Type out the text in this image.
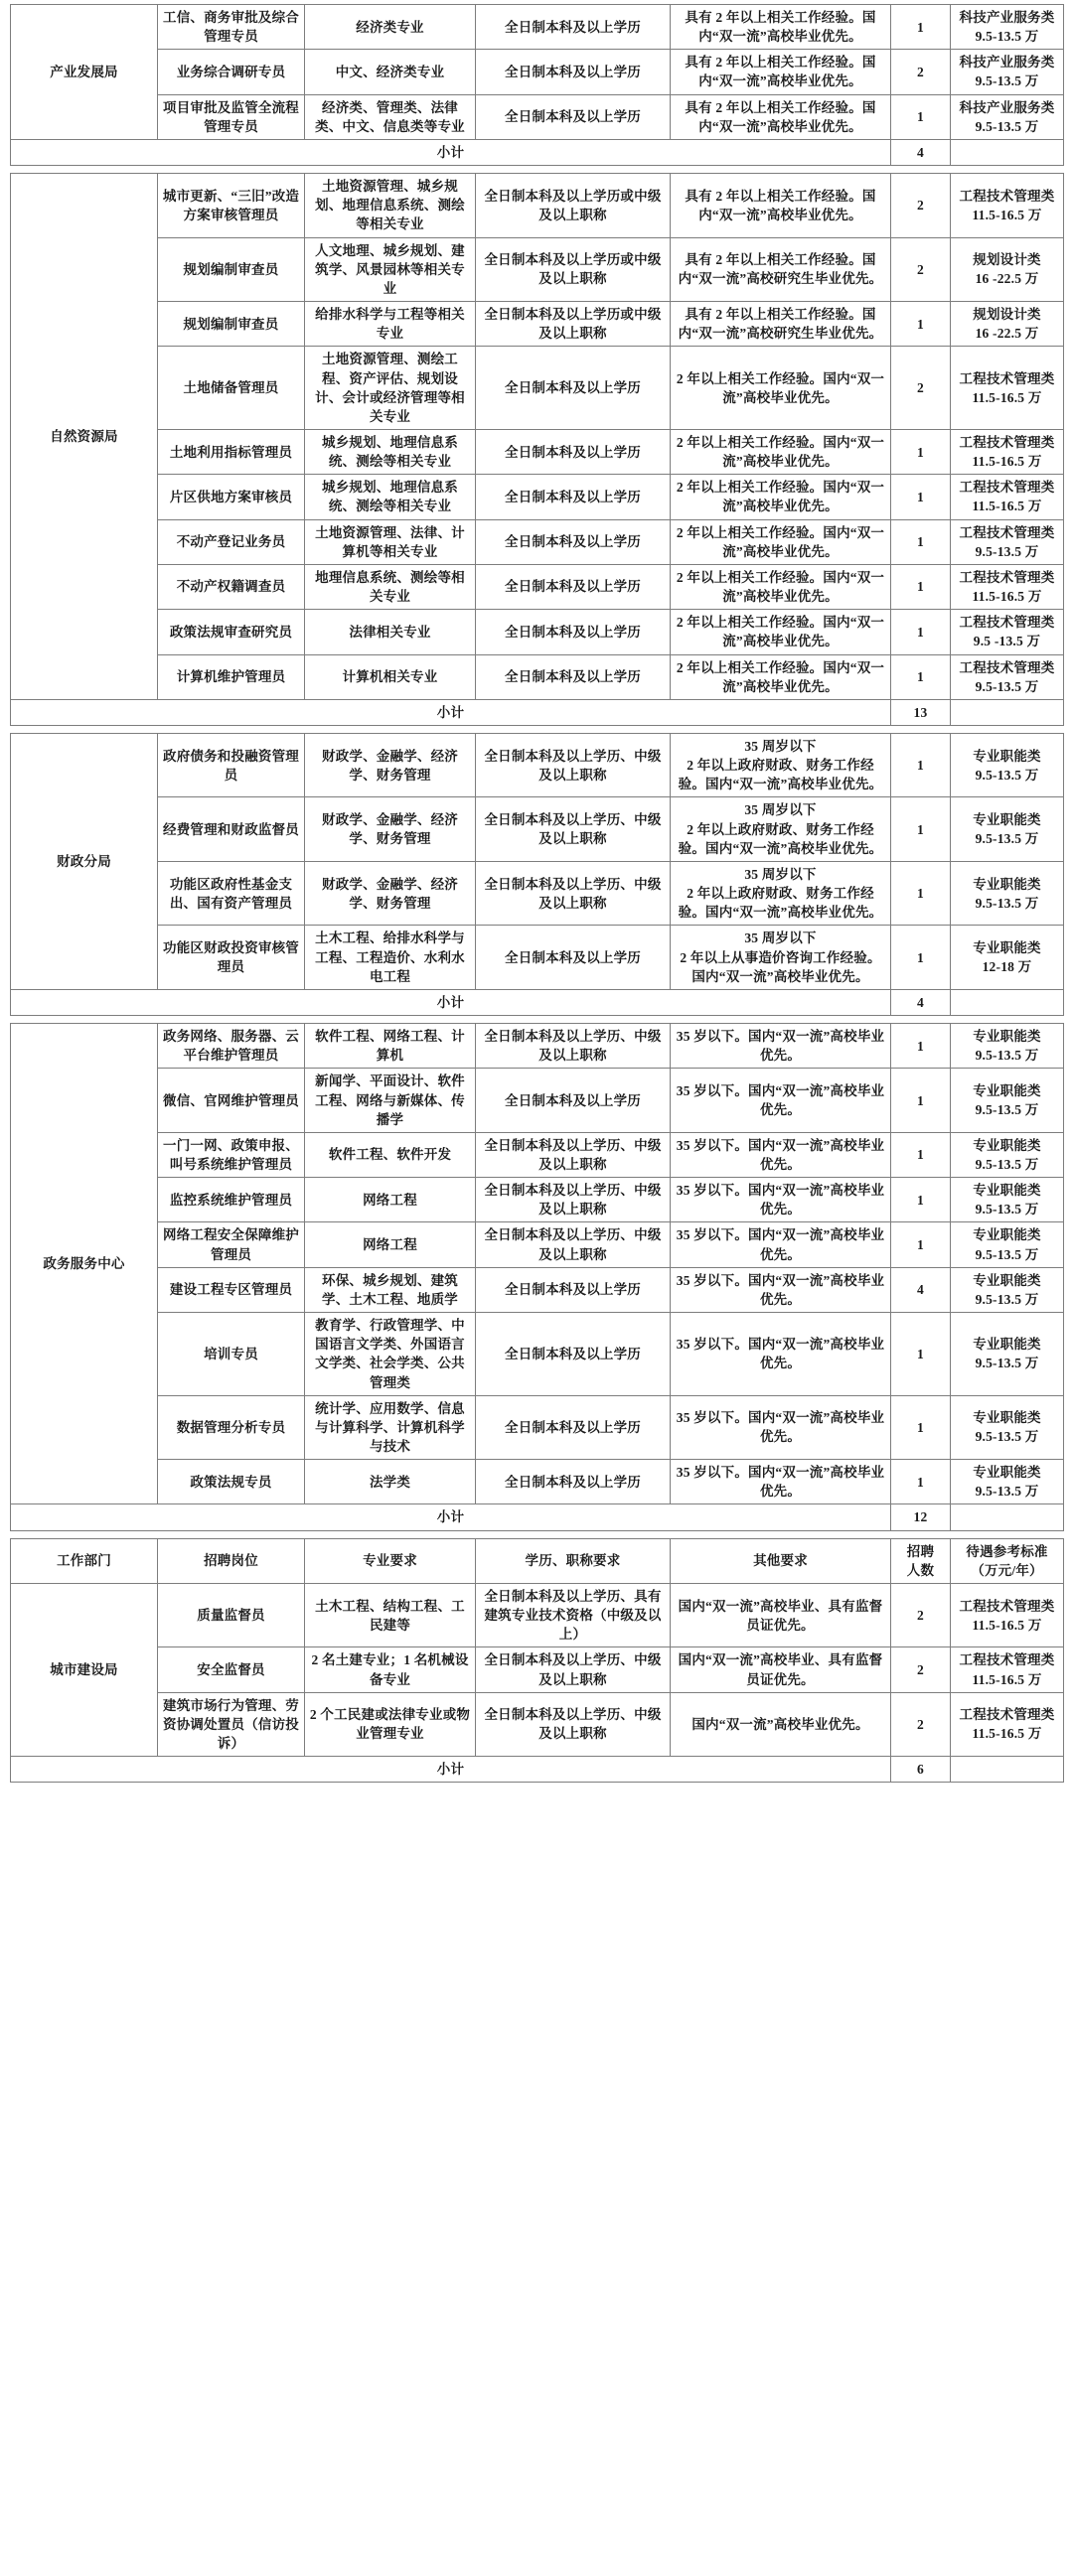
产业发展局	工信、商务审批及综合管理专员	经济类专业	全日制本科及以上学历	具有 2 年以上相关工作经验。国内“双一流”高校毕业优先。	1	科技产业服务类
9.5-13.5 万

	业务综合调研专员	中文、经济类专业	全日制本科及以上学历	具有 2 年以上相关工作经验。国内“双一流”高校毕业优先。	2	科技产业服务类
9.5-13.5 万

	项目审批及监管全流程管理专员	经济类、管理类、法律类、中文、信息类等专业	全日制本科及以上学历	具有 2 年以上相关工作经验。国内“双一流”高校毕业优先。	1	科技产业服务类
9.5-13.5 万

小计					4	
自然资源局	城市更新、“三旧”改造方案审核管理员	土地资源管理、城乡规划、地理信息系统、测绘等相关专业	全日制本科及以上学历或中级及以上职称	具有 2 年以上相关工作经验。国内“双一流”高校毕业优先。	2	工程技术管理类
11.5-16.5 万

	规划编制审查员	人文地理、城乡规划、建筑学、风景园林等相关专业	全日制本科及以上学历或中级及以上职称	具有 2 年以上相关工作经验。国内“双一流”高校研究生毕业优先。	2	规划设计类
16 -22.5 万

	规划编制审查员	给排水科学与工程等相关专业	全日制本科及以上学历或中级及以上职称	具有 2 年以上相关工作经验。国内“双一流”高校研究生毕业优先。	1	规划设计类
16 -22.5 万

	土地储备管理员	土地资源管理、测绘工程、资产评估、规划设计、会计或经济管理等相关专业	全日制本科及以上学历	2 年以上相关工作经验。国内“双一流”高校毕业优先。	2	工程技术管理类
11.5-16.5 万

	土地利用指标管理员	城乡规划、地理信息系统、测绘等相关专业	全日制本科及以上学历	2 年以上相关工作经验。国内“双一流”高校毕业优先。	1	工程技术管理类
11.5-16.5 万

	片区供地方案审核员	城乡规划、地理信息系统、测绘等相关专业	全日制本科及以上学历	2 年以上相关工作经验。国内“双一流”高校毕业优先。	1	工程技术管理类
11.5-16.5 万

	不动产登记业务员	土地资源管理、法律、计算机等相关专业	全日制本科及以上学历	2 年以上相关工作经验。国内“双一流”高校毕业优先。	1	工程技术管理类
9.5-13.5 万

	不动产权籍调查员	地理信息系统、测绘等相关专业	全日制本科及以上学历	2 年以上相关工作经验。国内“双一流”高校毕业优先。	1	工程技术管理类
11.5-16.5 万

	政策法规审查研究员	法律相关专业	全日制本科及以上学历	2 年以上相关工作经验。国内“双一流”高校毕业优先。	1	工程技术管理类
9.5 -13.5 万

	计算机维护管理员	计算机相关专业	全日制本科及以上学历	2 年以上相关工作经验。国内“双一流”高校毕业优先。	1	工程技术管理类
9.5-13.5 万

小计					13	
财政分局	政府债务和投融资管理员	财政学、金融学、经济学、财务管理	全日制本科及以上学历、中级及以上职称	35 周岁以下
2 年以上政府财政、财务工作经验。国内“双一流”高校毕业优先。	1	专业职能类
9.5-13.5 万

	经费管理和财政监督员	财政学、金融学、经济学、财务管理	全日制本科及以上学历、中级及以上职称	35 周岁以下
2 年以上政府财政、财务工作经验。国内“双一流”高校毕业优先。	1	专业职能类
9.5-13.5 万

	功能区政府性基金支出、国有资产管理员	财政学、金融学、经济学、财务管理	全日制本科及以上学历、中级及以上职称	35 周岁以下
2 年以上政府财政、财务工作经验。国内“双一流”高校毕业优先。	1	专业职能类
9.5-13.5 万

	功能区财政投资审核管理员	土木工程、给排水科学与工程、工程造价、水利水电工程	全日制本科及以上学历	35 周岁以下
2 年以上从事造价咨询工作经验。国内“双一流”高校毕业优先。	1	专业职能类
12-18 万

小计					4	
政务服务中心	政务网络、服务器、云平台维护管理员	软件工程、网络工程、计算机	全日制本科及以上学历、中级及以上职称	35 岁以下。国内“双一流”高校毕业优先。	1	专业职能类
9.5-13.5 万

	微信、官网维护管理员	新闻学、平面设计、软件工程、网络与新媒体、传播学	全日制本科及以上学历	35 岁以下。国内“双一流”高校毕业优先。	1	专业职能类
9.5-13.5 万

	一门一网、政策申报、叫号系统维护管理员	软件工程、软件开发	全日制本科及以上学历、中级及以上职称	35 岁以下。国内“双一流”高校毕业优先。	1	专业职能类
9.5-13.5 万

	监控系统维护管理员	网络工程	全日制本科及以上学历、中级及以上职称	35 岁以下。国内“双一流”高校毕业优先。	1	专业职能类
9.5-13.5 万

	网络工程安全保障维护管理员	网络工程	全日制本科及以上学历、中级及以上职称	35 岁以下。国内“双一流”高校毕业优先。	1	专业职能类
9.5-13.5 万

	建设工程专区管理员	环保、城乡规划、建筑学、土木工程、地质学	全日制本科及以上学历	35 岁以下。国内“双一流”高校毕业优先。	4	专业职能类
9.5-13.5 万

	培训专员	教育学、行政管理学、中国语言文学类、外国语言文学类、社会学类、公共管理类	全日制本科及以上学历	35 岁以下。国内“双一流”高校毕业优先。	1	专业职能类
9.5-13.5 万

	数据管理分析专员	统计学、应用数学、信息与计算科学、计算机科学与技术	全日制本科及以上学历	35 岁以下。国内“双一流”高校毕业优先。	1	专业职能类
9.5-13.5 万

	政策法规专员	法学类	全日制本科及以上学历	35 岁以下。国内“双一流”高校毕业优先。	1	专业职能类
9.5-13.5 万

小计					12	
工作部门	招聘岗位	专业要求	学历、职称要求	其他要求	招聘
人数	待遇参考标准
（万元/年）

城市建设局	质量监督员	土木工程、结构工程、工民建等	全日制本科及以上学历、具有建筑专业技术资格（中级及以上）	国内“双一流”高校毕业、具有监督员证优先。	2	工程技术管理类
11.5-16.5 万

	安全监督员	2 名土建专业；1 名机械设备专业	全日制本科及以上学历、中级及以上职称	国内“双一流”高校毕业、具有监督员证优先。	2	工程技术管理类
11.5-16.5 万

	建筑市场行为管理、劳资协调处置员（信访投诉）	2 个工民建或法律专业或物业管理专业	全日制本科及以上学历、中级及以上职称	国内“双一流”高校毕业优先。	2	工程技术管理类
11.5-16.5 万

小计					6	
